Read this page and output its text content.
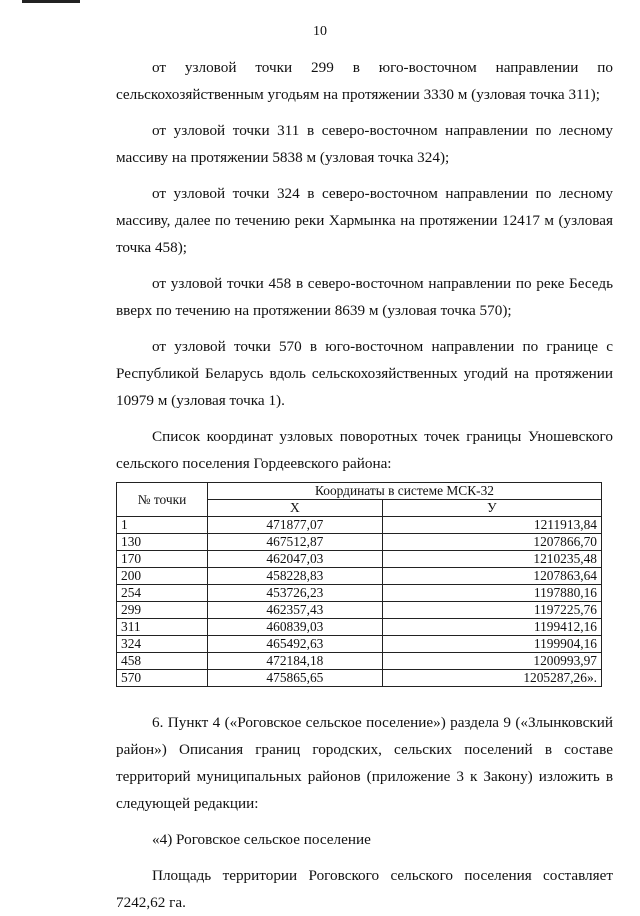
10

от узловой точки 299 в юго-восточном направлении по сельскохозяйственным угодьям на протяжении 3330 м (узловая точка 311);

от узловой точки 311 в северо-восточном направлении по лесному массиву на протяжении 5838 м (узловая точка 324);

от узловой точки 324 в северо-восточном направлении по лесному массиву, далее по течению реки Хармынка на протяжении 12417 м (узловая точка 458);

от узловой точки 458 в северо-восточном направлении по реке Беседь вверх по течению на протяжении 8639 м (узловая точка 570);

от узловой точки 570 в юго-восточном направлении по границе с Республикой Беларусь вдоль сельскохозяйственных угодий на протяжении 10979 м (узловая точка 1).

Список координат узловых поворотных точек границы Уношевского сельского поселения Гордеевского района:

№ точки	Координаты в системе МСК-32	
	X	У
1	471877,07	1211913,84
130	467512,87	1207866,70
170	462047,03	1210235,48
200	458228,83	1207863,64
254	453726,23	1197880,16
299	462357,43	1197225,76
311	460839,03	1199412,16
324	465492,63	1199904,16
458	472184,18	1200993,97
570	475865,65	1205287,26».

6. Пункт 4 («Роговское сельское поселение») раздела 9 («Злынковский район») Описания границ городских, сельских поселений в составе территорий муниципальных районов (приложение 3 к Закону) изложить в следующей редакции:

«4) Роговское сельское поселение

Площадь территории Роговского сельского поселения составляет 7242,62 га.
